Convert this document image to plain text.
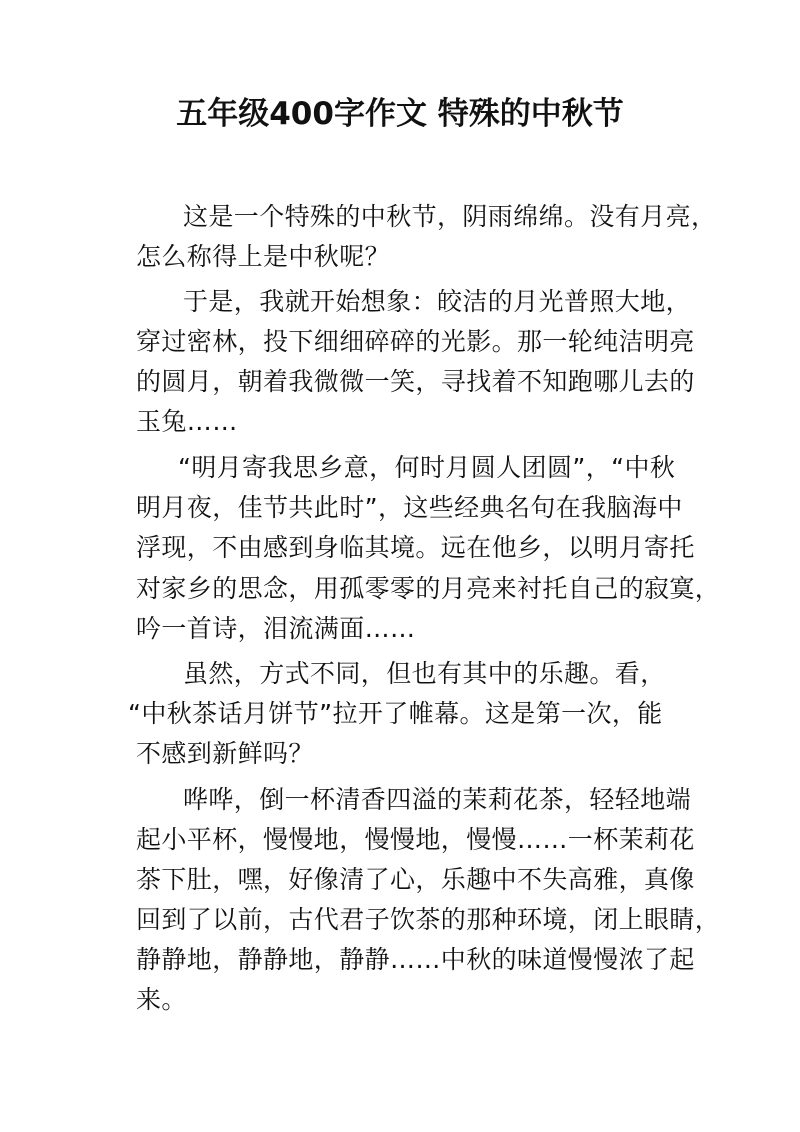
五年级400字作文 特殊的中秋节
这是一个特殊的中秋节，阴雨绵绵。没有月亮，
怎么称得上是中秋呢？
于是，我就开始想象：皎洁的月光普照大地，
穿过密林，投下细细碎碎的光影。那一轮纯洁明亮
的圆月，朝着我微微一笑，寻找着不知跑哪儿去的
玉兔……
“明月寄我思乡意，何时月圆人团圆”，“中秋
明月夜，佳节共此时”，这些经典名句在我脑海中
浮现，不由感到身临其境。远在他乡，以明月寄托
对家乡的思念，用孤零零的月亮来衬托自己的寂寞，
吟一首诗，泪流满面……
虽然，方式不同，但也有其中的乐趣。看，
“中秋茶话月饼节”拉开了帷幕。这是第一次，能
不感到新鲜吗？
哗哗，倒一杯清香四溢的茉莉花茶，轻轻地端
起小平杯，慢慢地，慢慢地，慢慢……一杯茉莉花
茶下肚，嘿，好像清了心，乐趣中不失高雅，真像
回到了以前，古代君子饮茶的那种环境，闭上眼睛，
静静地，静静地，静静……中秋的味道慢慢浓了起
来。
